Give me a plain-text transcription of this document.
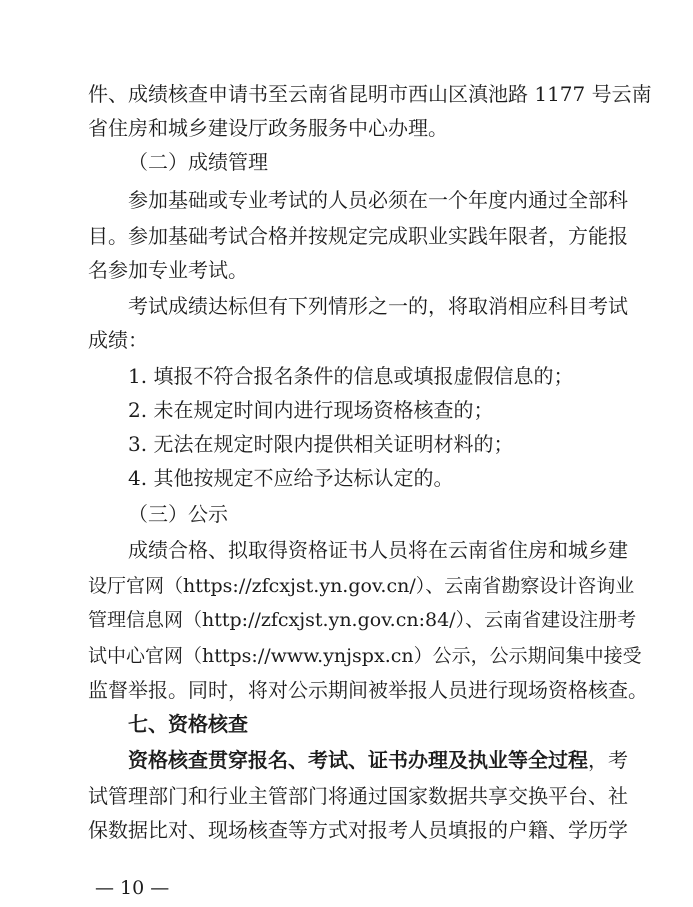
件、成绩核查申请书至云南省昆明市西山区滇池路 1177 号云南
省住房和城乡建设厅政务服务中心办理。
（二）成绩管理
参加基础或专业考试的人员必须在一个年度内通过全部科
目。参加基础考试合格并按规定完成职业实践年限者，方能报
名参加专业考试。
考试成绩达标但有下列情形之一的，将取消相应科目考试
成绩：
1. 填报不符合报名条件的信息或填报虚假信息的；
2. 未在规定时间内进行现场资格核查的；
3. 无法在规定时限内提供相关证明材料的；
4. 其他按规定不应给予达标认定的。
（三）公示
成绩合格、拟取得资格证书人员将在云南省住房和城乡建
设厅官网（https://zfcxjst.yn.gov.cn/）、云南省勘察设计咨询业
管理信息网（http://zfcxjst.yn.gov.cn:84/）、云南省建设注册考
试中心官网（https://www.ynjspx.cn）公示，公示期间集中接受
监督举报。同时，将对公示期间被举报人员进行现场资格核查。
七、资格核查
资格核查贯穿报名、考试、证书办理及执业等全过程，考
试管理部门和行业主管部门将通过国家数据共享交换平台、社
保数据比对、现场核查等方式对报考人员填报的户籍、学历学
— 10 —
